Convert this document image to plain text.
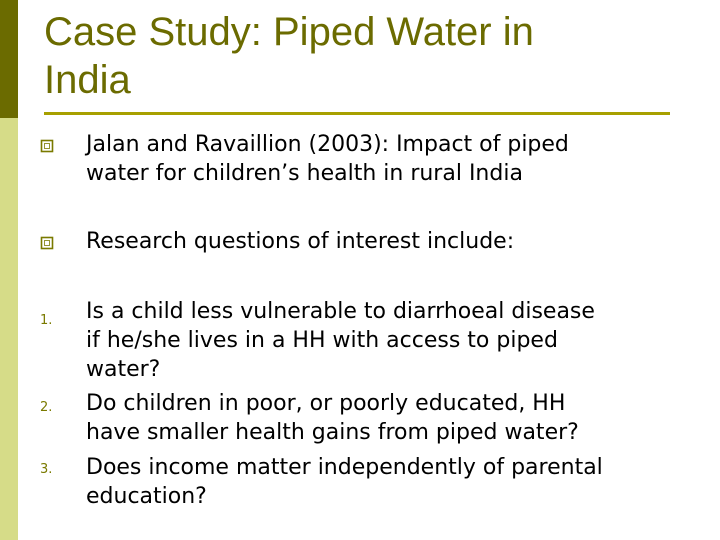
Case Study: Piped Water in
India
Jalan and Ravaillion (2003): Impact of piped
water for children’s health in rural India
Research questions of interest include:
1. Is a child less vulnerable to diarrhoeal disease
if he/she lives in a HH with access to piped
water?
2. Do children in poor, or poorly educated, HH
have smaller health gains from piped water?
3. Does income matter independently of parental
education?
